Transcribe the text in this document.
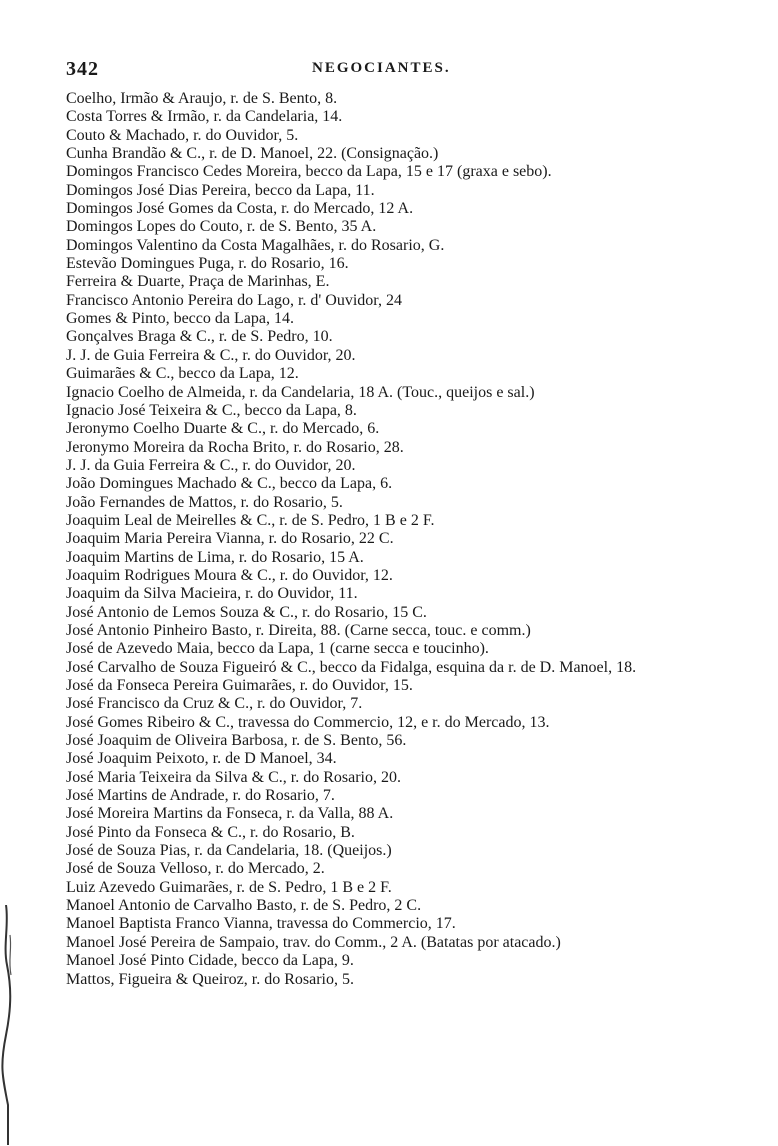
342	NEGOCIANTES.
Coelho, Irmão & Araujo, r. de S. Bento, 8.
Costa Torres & Irmão, r. da Candelaria, 14.
Couto & Machado, r. do Ouvidor, 5.
Cunha Brandão & C., r. de D. Manoel, 22. (Consignação.)
Domingos Francisco Cedes Moreira, becco da Lapa, 15 e 17 (graxa e sebo).
Domingos José Dias Pereira, becco da Lapa, 11.
Domingos José Gomes da Costa, r. do Mercado, 12 A.
Domingos Lopes do Couto, r. de S. Bento, 35 A.
Domingos Valentino da Costa Magalhães, r. do Rosario, G.
Estevão Domingues Puga, r. do Rosario, 16.
Ferreira & Duarte, Praça de Marinhas, E.
Francisco Antonio Pereira do Lago, r. d' Ouvidor, 24
Gomes & Pinto, becco da Lapa, 14.
Gonçalves Braga & C., r. de S. Pedro, 10.
J. J. de Guia Ferreira & C., r. do Ouvidor, 20.
Guimarães & C., becco da Lapa, 12.
Ignacio Coelho de Almeida, r. da Candelaria, 18 A. (Touc., queijos e sal.)
Ignacio José Teixeira & C., becco da Lapa, 8.
Jeronymo Coelho Duarte & C., r. do Mercado, 6.
Jeronymo Moreira da Rocha Brito, r. do Rosario, 28.
J. J. da Guia Ferreira & C., r. do Ouvidor, 20.
João Domingues Machado & C., becco da Lapa, 6.
João Fernandes de Mattos, r. do Rosario, 5.
Joaquim Leal de Meirelles & C., r. de S. Pedro, 1 B e 2 F.
Joaquim Maria Pereira Vianna, r. do Rosario, 22 C.
Joaquim Martins de Lima, r. do Rosario, 15 A.
Joaquim Rodrigues Moura & C., r. do Ouvidor, 12.
Joaquim da Silva Macieira, r. do Ouvidor, 11.
José Antonio de Lemos Souza & C., r. do Rosario, 15 C.
José Antonio Pinheiro Basto, r. Direita, 88. (Carne secca, touc. e comm.)
José de Azevedo Maia, becco da Lapa, 1 (carne secca e toucinho).
José Carvalho de Souza Figueiró & C., becco da Fidalga, esquina da r. de D. Manoel, 18.
José da Fonseca Pereira Guimarães, r. do Ouvidor, 15.
José Francisco da Cruz & C., r. do Ouvidor, 7.
José Gomes Ribeiro & C., travessa do Commercio, 12, e r. do Mercado, 13.
José Joaquim de Oliveira Barbosa, r. de S. Bento, 56.
José Joaquim Peixoto, r. de D Manoel, 34.
José Maria Teixeira da Silva & C., r. do Rosario, 20.
José Martins de Andrade, r. do Rosario, 7.
José Moreira Martins da Fonseca, r. da Valla, 88 A.
José Pinto da Fonseca & C., r. do Rosario, B.
José de Souza Pias, r. da Candelaria, 18. (Queijos.)
José de Souza Velloso, r. do Mercado, 2.
Luiz Azevedo Guimarães, r. de S. Pedro, 1 B e 2 F.
Manoel Antonio de Carvalho Basto, r. de S. Pedro, 2 C.
Manoel Baptista Franco Vianna, travessa do Commercio, 17.
Manoel José Pereira de Sampaio, trav. do Comm., 2 A. (Batatas por atacado.)
Manoel José Pinto Cidade, becco da Lapa, 9.
Mattos, Figueira & Queiroz, r. do Rosario, 5.
